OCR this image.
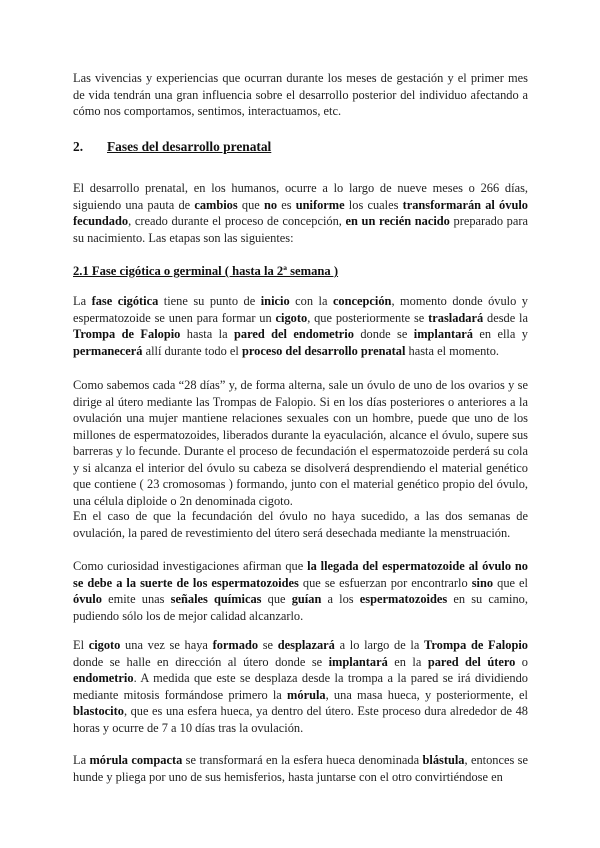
Las vivencias y experiencias que ocurran durante los meses de gestación y el primer mes de vida tendrán una gran influencia sobre el desarrollo posterior del individuo afectando a cómo nos comportamos, sentimos, interactuamos, etc.

2. Fases del desarrollo prenatal

El desarrollo prenatal, en los humanos, ocurre a lo largo de nueve meses o 266 días, siguiendo una pauta de cambios que no es uniforme los cuales transformarán al óvulo fecundado, creado durante el proceso de concepción, en un recién nacido preparado para su nacimiento. Las etapas son las siguientes:

2.1 Fase cigótica o germinal ( hasta la 2ª semana )

La fase cigótica tiene su punto de inicio con la concepción, momento donde óvulo y espermatozoide se unen para formar un cigoto, que posteriormente se trasladará desde la Trompa de Falopio hasta la pared del endometrio donde se implantará en ella y permanecerá allí durante todo el proceso del desarrollo prenatal hasta el momento.

Como sabemos cada “28 días” y, de forma alterna, sale un óvulo de uno de los ovarios y se dirige al útero mediante las Trompas de Falopio. Si en los días posteriores o anteriores a la ovulación una mujer mantiene relaciones sexuales con un hombre, puede que uno de los millones de espermatozoides, liberados durante la eyaculación, alcance el óvulo, supere sus barreras y lo fecunde. Durante el proceso de fecundación el espermatozoide perderá su cola y si alcanza el interior del óvulo su cabeza se disolverá desprendiendo el material genético que contiene ( 23 cromosomas ) formando, junto con el material genético propio del óvulo, una célula diploide o 2n denominada cigoto.

En el caso de que la fecundación del óvulo no haya sucedido, a las dos semanas de ovulación, la pared de revestimiento del útero será desechada mediante la menstruación.

Como curiosidad investigaciones afirman que la llegada del espermatozoide al óvulo no se debe a la suerte de los espermatozoides que se esfuerzan por encontrarlo sino que el óvulo emite unas señales químicas que guían a los espermatozoides en su camino, pudiendo sólo los de mejor calidad alcanzarlo.

El cigoto una vez se haya formado se desplazará a lo largo de la Trompa de Falopio donde se halle en dirección al útero donde se implantará en la pared del útero o endometrio. A medida que este se desplaza desde la trompa a la pared se irá dividiendo mediante mitosis formándose primero la mórula, una masa hueca, y posteriormente, el blastocito, que es una esfera hueca, ya dentro del útero. Este proceso dura alrededor de 48 horas y ocurre de 7 a 10 días tras la ovulación.

La mórula compacta se transformará en la esfera hueca denominada blástula, entonces se hunde y pliega por uno de sus hemisferios, hasta juntarse con el otro convirtiéndose en
